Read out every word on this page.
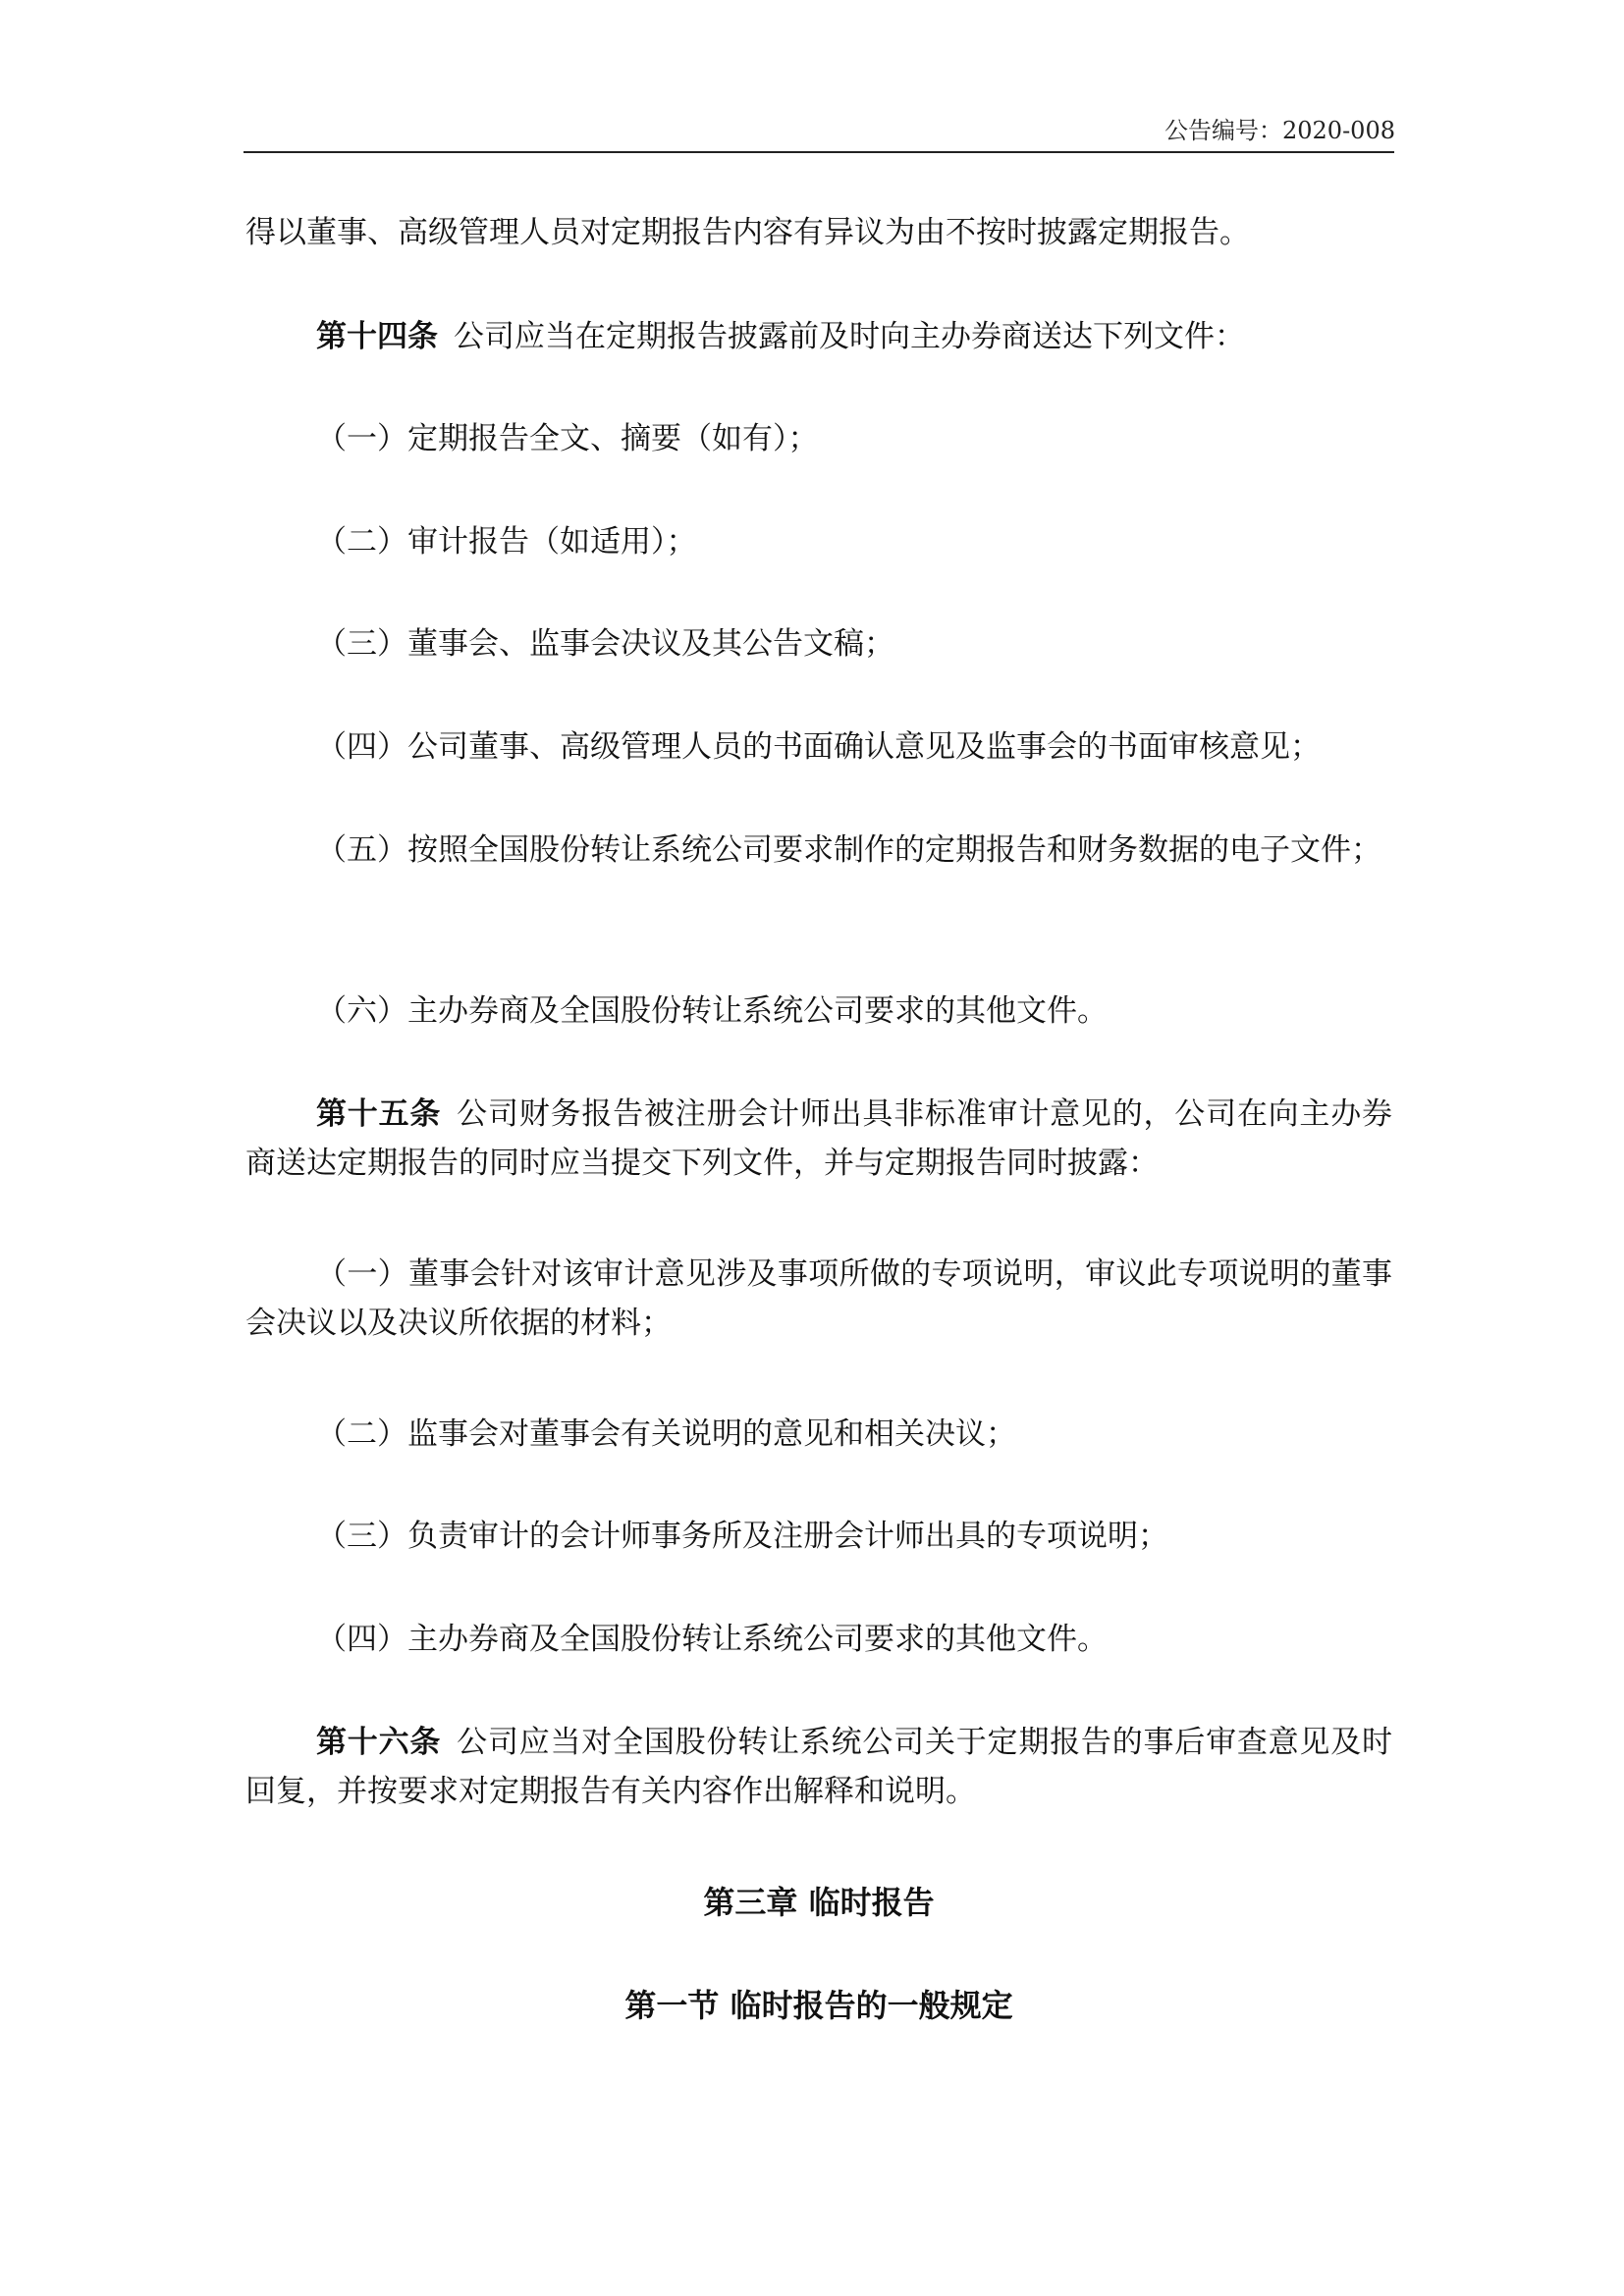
公告编号：2020-008

得以董事、高级管理人员对定期报告内容有异议为由不按时披露定期报告。

第十四条 公司应当在定期报告披露前及时向主办券商送达下列文件：

（一）定期报告全文、摘要（如有）；

（二）审计报告（如适用）；

（三）董事会、监事会决议及其公告文稿；

（四）公司董事、高级管理人员的书面确认意见及监事会的书面审核意见；

（五）按照全国股份转让系统公司要求制作的定期报告和财务数据的电子文件；

（六）主办券商及全国股份转让系统公司要求的其他文件。

第十五条 公司财务报告被注册会计师出具非标准审计意见的，公司在向主办券商送达定期报告的同时应当提交下列文件，并与定期报告同时披露：

（一）董事会针对该审计意见涉及事项所做的专项说明，审议此专项说明的董事会决议以及决议所依据的材料；

（二）监事会对董事会有关说明的意见和相关决议；

（三）负责审计的会计师事务所及注册会计师出具的专项说明；

（四）主办券商及全国股份转让系统公司要求的其他文件。

第十六条 公司应当对全国股份转让系统公司关于定期报告的事后审查意见及时回复，并按要求对定期报告有关内容作出解释和说明。

第三章 临时报告
第一节 临时报告的一般规定
